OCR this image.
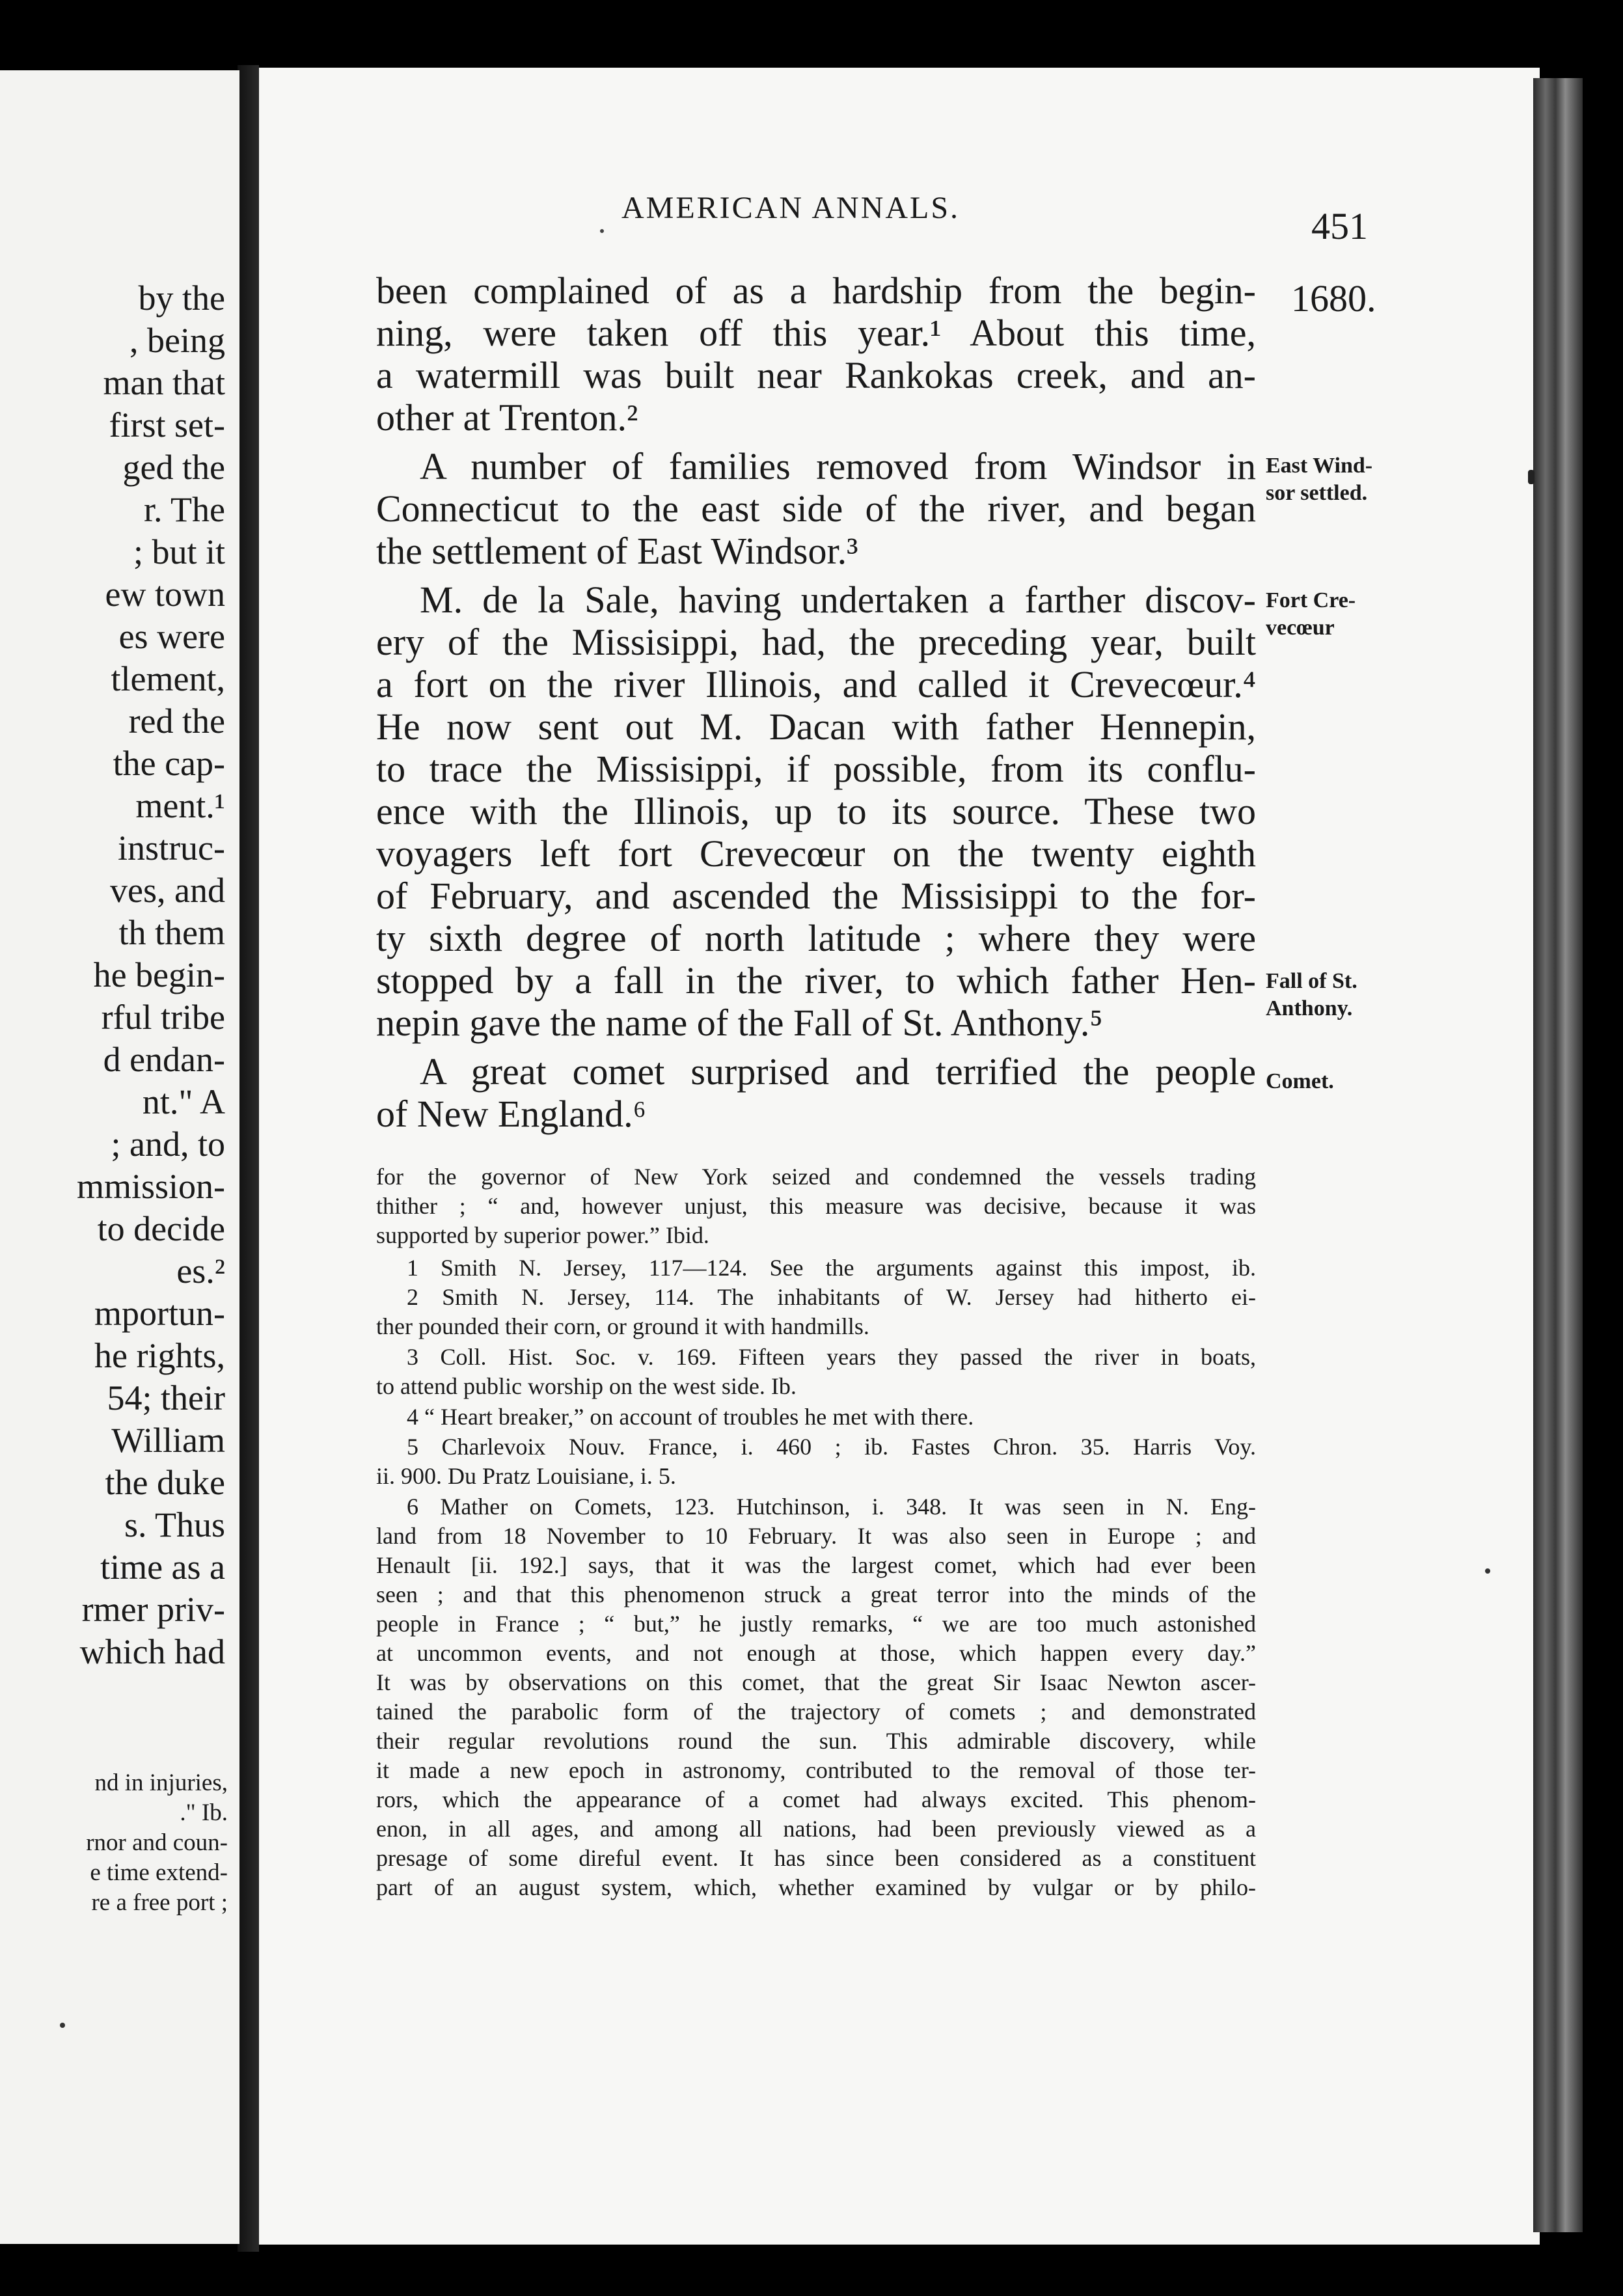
by the
, being
man that
first set-
ged the
r. The
; but it
ew town
es were
tlement,
red the
the cap-
ment.¹
instruc-
ves, and
th them
he begin-
rful tribe
d endan-
nt." A
; and, to
mmission-
to decide
es.²
mportun-
he rights,
54; their
William
the duke
s. Thus
time as a
rmer priv-
which had
nd in injuries,
." Ib.
rnor and coun-
e time extend-
re a free port ;
AMERICAN ANNALS.	451
1680.
East Wind-
sor settled.
Fort Cre-
vecœur
Fall of St.
Anthony.
Comet.
been complained of as a hardship from the begin-
ning, were taken off this year.¹ About this time,
a watermill was built near Rankokas creek, and an-
other at Trenton.²
A number of families removed from Windsor in
Connecticut to the east side of the river, and began
the settlement of East Windsor.³
M. de la Sale, having undertaken a farther discov-
ery of the Missisippi, had, the preceding year, built
a fort on the river Illinois, and called it Crevecœur.⁴
He now sent out M. Dacan with father Hennepin,
to trace the Missisippi, if possible, from its conflu-
ence with the Illinois, up to its source. These two
voyagers left fort Crevecœur on the twenty eighth
of February, and ascended the Missisippi to the for-
ty sixth degree of north latitude ; where they were
stopped by a fall in the river, to which father Hen-
nepin gave the name of the Fall of St. Anthony.⁵
A great comet surprised and terrified the people
of New England.⁶
for the governor of New York seized and condemned the vessels trading
thither ; “ and, however unjust, this measure was decisive, because it was
supported by superior power.” Ibid.
1 Smith N. Jersey, 117—124. See the arguments against this impost, ib.
2 Smith N. Jersey, 114. The inhabitants of W. Jersey had hitherto ei-
ther pounded their corn, or ground it with handmills.
3 Coll. Hist. Soc. v. 169. Fifteen years they passed the river in boats,
to attend public worship on the west side. Ib.
4 “ Heart breaker,” on account of troubles he met with there.
5 Charlevoix Nouv. France, i. 460 ; ib. Fastes Chron. 35. Harris Voy.
ii. 900. Du Pratz Louisiane, i. 5.
6 Mather on Comets, 123. Hutchinson, i. 348. It was seen in N. Eng-
land from 18 November to 10 February. It was also seen in Europe ; and
Henault [ii. 192.] says, that it was the largest comet, which had ever been
seen ; and that this phenomenon struck a great terror into the minds of the
people in France ; “ but,” he justly remarks, “ we are too much astonished
at uncommon events, and not enough at those, which happen every day.”
It was by observations on this comet, that the great Sir Isaac Newton ascer-
tained the parabolic form of the trajectory of comets ; and demonstrated
their regular revolutions round the sun. This admirable discovery, while
it made a new epoch in astronomy, contributed to the removal of those ter-
rors, which the appearance of a comet had always excited. This phenom-
enon, in all ages, and among all nations, had been previously viewed as a
presage of some direful event. It has since been considered as a constituent
part of an august system, which, whether examined by vulgar or by philo-
